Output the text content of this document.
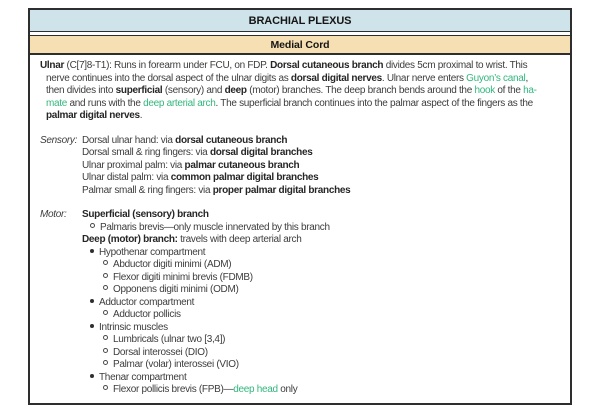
BRACHIAL PLEXUS
Medial Cord
Ulnar (C[7]8-T1): Runs in forearm under FCU, on FDP. Dorsal cutaneous branch divides 5cm proximal to wrist. This
nerve continues into the dorsal aspect of the ulnar digits as dorsal digital nerves. Ulnar nerve enters Guyon’s canal,
then divides into superficial (sensory) and deep (motor) branches. The deep branch bends around the hook of the ha-
mate and runs with the deep arterial arch. The superficial branch continues into the palmar aspect of the fingers as the
palmar digital nerves.
Sensory: Dorsal ulnar hand: via dorsal cutaneous branch
Dorsal small & ring fingers: via dorsal digital branches
Ulnar proximal palm: via palmar cutaneous branch
Ulnar distal palm: via common palmar digital branches
Palmar small & ring fingers: via proper palmar digital branches
Motor:	Superficial (sensory) branch
Palmaris brevis—only muscle innervated by this branch
Deep (motor) branch: travels with deep arterial arch
Hypothenar compartment
Abductor digiti minimi (ADM)
Flexor digiti minimi brevis (FDMB)
Opponens digiti minimi (ODM)
Adductor compartment
Adductor pollicis
Intrinsic muscles
Lumbricals (ulnar two [3,4])
Dorsal interossei (DIO)
Palmar (volar) interossei (VIO)
Thenar compartment
Flexor pollicis brevis (FPB)—deep head only
